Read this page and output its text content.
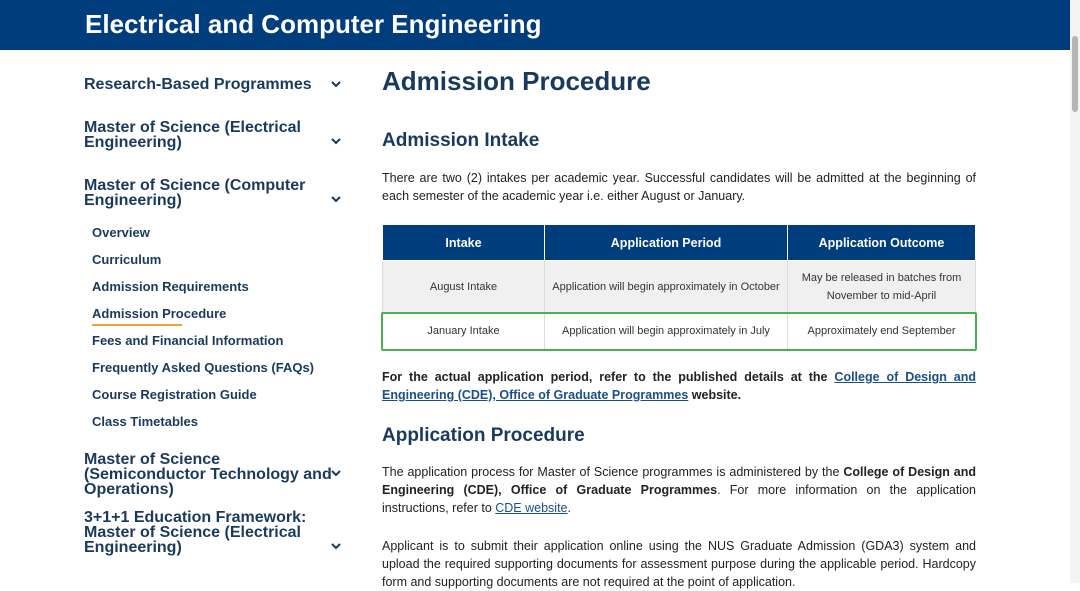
Electrical and Computer Engineering
Research-Based Programmes
Master of Science (Electrical Engineering)
Master of Science (Computer Engineering)
Overview
Curriculum
Admission Requirements
Admission Procedure
Fees and Financial Information
Frequently Asked Questions (FAQs)
Course Registration Guide
Class Timetables
Master of Science (Semiconductor Technology and Operations)
3+1+1 Education Framework: Master of Science (Electrical Engineering)
Admission Procedure
Admission Intake

There are two (2) intakes per academic year. Successful candidates will be admitted at the beginning of each semester of the academic year i.e. either August or January.

Intake	Application Period	Application Outcome
August Intake	Application will begin approximately in October	May be released in batches from November to mid-April
January Intake	Application will begin approximately in July	Approximately end September

For the actual application period, refer to the published details at the College of Design and Engineering (CDE), Office of Graduate Programmes website.

Application Procedure

The application process for Master of Science programmes is administered by the College of Design and Engineering (CDE), Office of Graduate Programmes. For more information on the application instructions, refer to CDE website.

Applicant is to submit their application online using the NUS Graduate Admission (GDA3) system and upload the required supporting documents for assessment purpose during the applicable period. Hardcopy form and supporting documents are not required at the point of application.
